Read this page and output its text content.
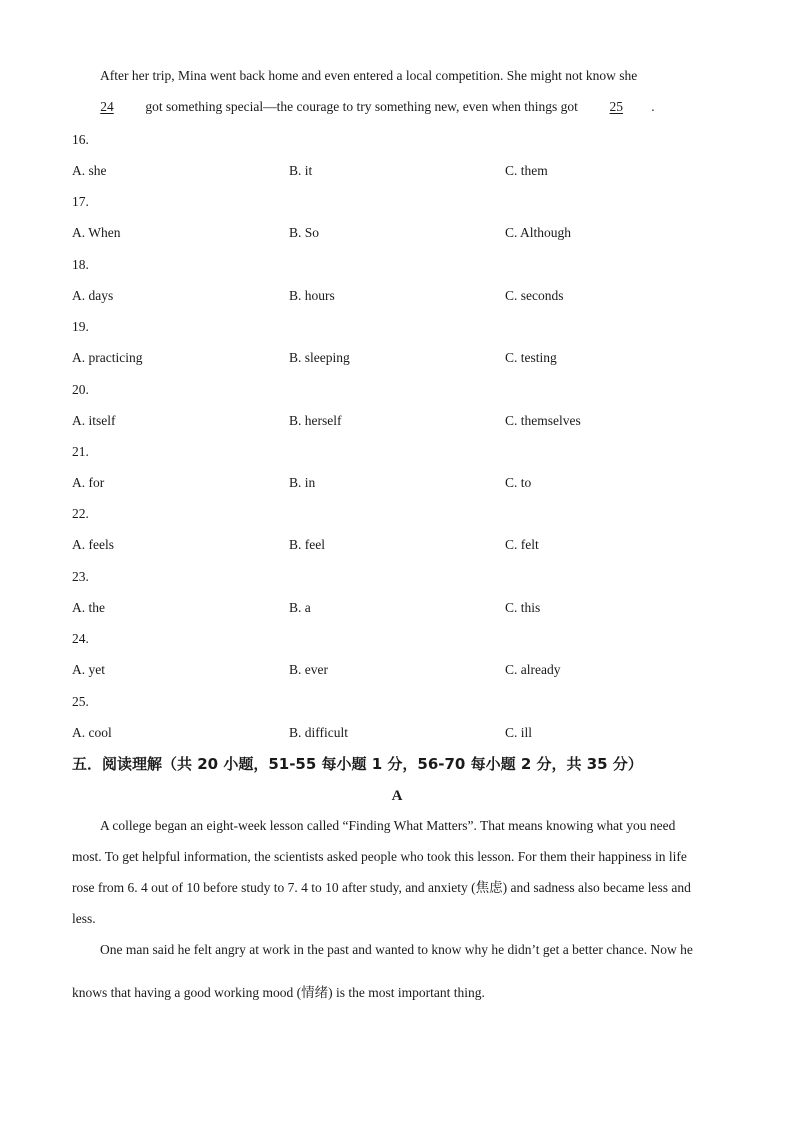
After her trip, Mina went back home and even entered a local competition. She might not know she
24 got something special—the courage to try something new, even when things got 25 .
16.
A. she	B. it	C. them
17.
A. When	B. So	C. Although
18.
A. days	B. hours	C. seconds
19.
A. practicing	B. sleeping	C. testing
20.
A. itself	B. herself	C. themselves
21.
A. for	B. in	C. to
22.
A. feels	B. feel	C. felt
23.
A. the	B. a	C. this
24.
A. yet	B. ever	C. already
25.
A. cool	B. difficult	C. ill
五．阅读理解（共 20 小题，51-55 每小题 1 分，56-70 每小题 2 分，共 35 分）
A
A college began an eight-week lesson called “Finding What Matters”. That means knowing what you need
most. To get helpful information, the scientists asked people who took this lesson. For them their happiness in life
rose from 6. 4 out of 10 before study to 7. 4 to 10 after study, and anxiety (焦虑) and sadness also became less and
less.
One man said he felt angry at work in the past and wanted to know why he didn’t get a better chance. Now he
knows that having a good working mood (情绪) is the most important thing.
